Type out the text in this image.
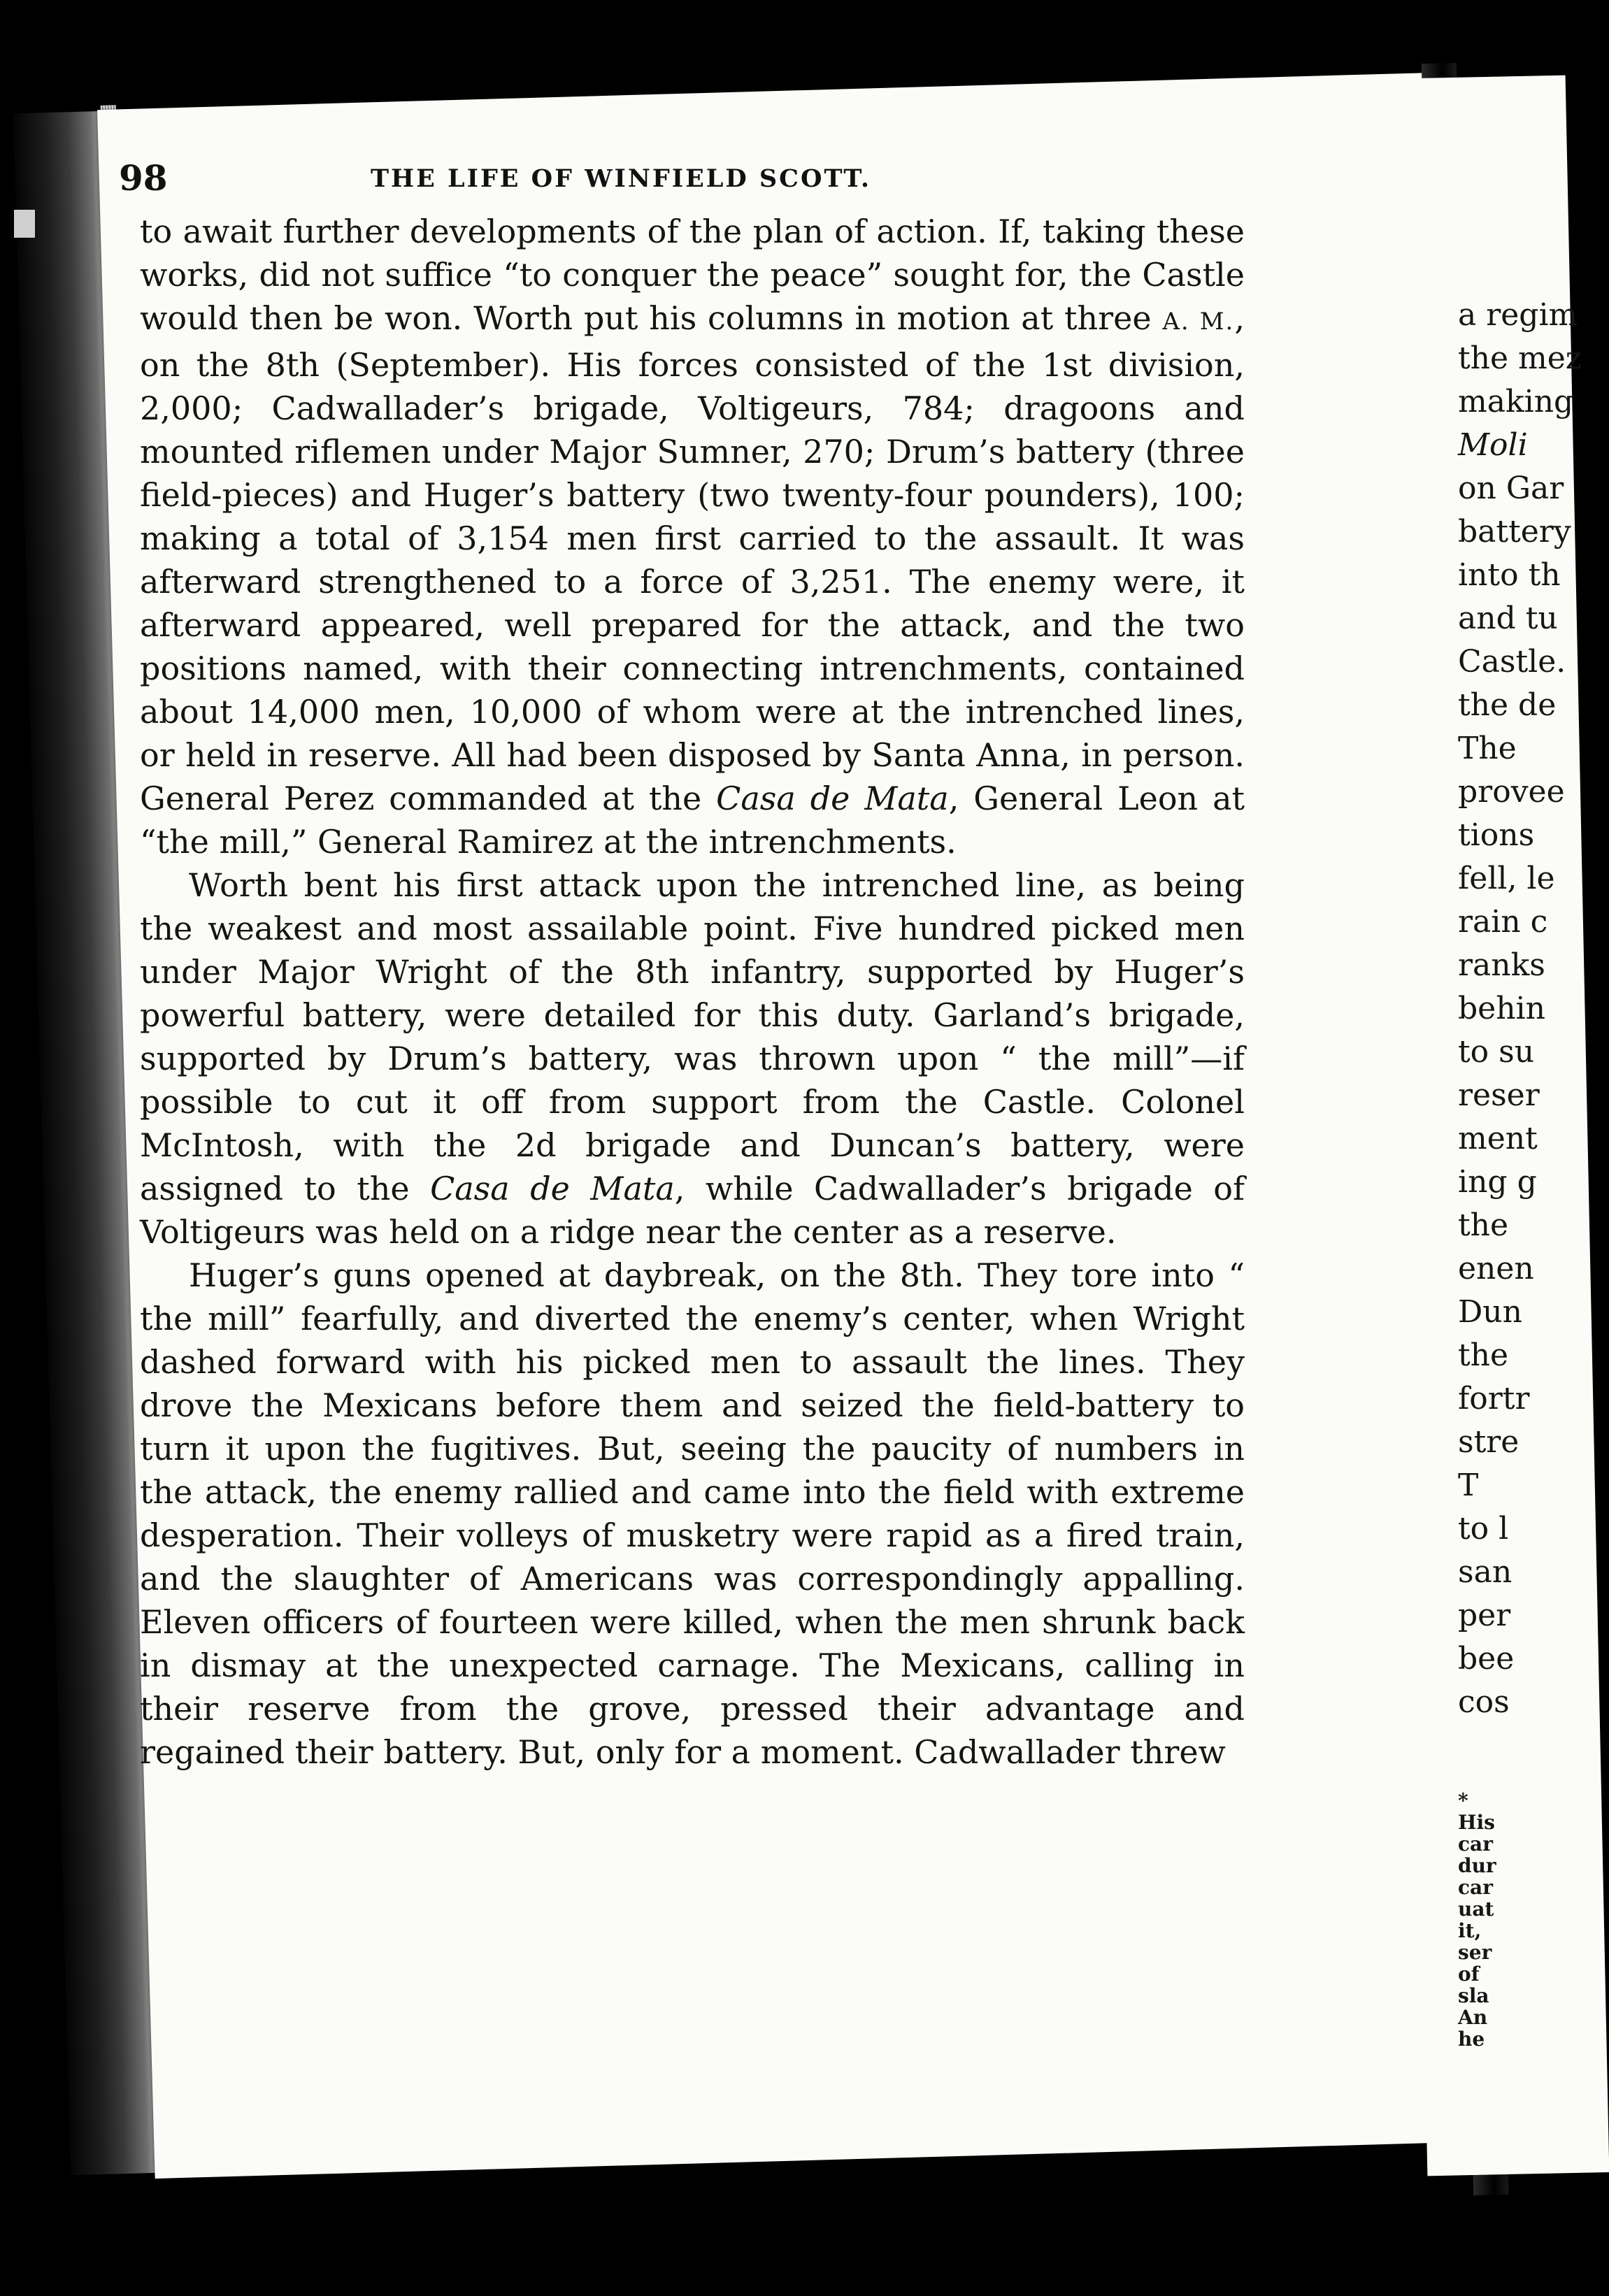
98	THE LIFE OF WINFIELD SCOTT.

to await further developments of the plan of action. If, taking these works, did not suffice “to conquer the peace” sought for, the Castle would then be won. Worth put his columns in motion at three A. M., on the 8th (September). His forces consisted of the 1st division, 2,000; Cadwallader’s brigade, Voltigeurs, 784; dragoons and mounted riflemen under Major Sumner, 270; Drum’s battery (three field-pieces) and Huger’s battery (two twenty-four pounders), 100; making a total of 3,154 men first carried to the assault. It was afterward strengthened to a force of 3,251. The enemy were, it afterward appeared, well prepared for the attack, and the two positions named, with their connecting intrenchments, contained about 14,000 men, 10,000 of whom were at the intrenched lines, or held in reserve. All had been disposed by Santa Anna, in person. General Perez commanded at the Casa de Mata, General Leon at “the mill,” General Ramirez at the intrenchments.

Worth bent his first attack upon the intrenched line, as being the weakest and most assailable point. Five hundred picked men under Major Wright of the 8th infantry, supported by Huger’s powerful battery, were detailed for this duty. Garland’s brigade, supported by Drum’s battery, was thrown upon “ the mill”—if possible to cut it off from support from the Castle. Colonel McIntosh, with the 2d brigade and Duncan’s battery, were assigned to the Casa de Mata, while Cadwallader’s brigade of Voltigeurs was held on a ridge near the center as a reserve.

Huger’s guns opened at daybreak, on the 8th. They tore into “ the mill” fearfully, and diverted the enemy’s center, when Wright dashed forward with his picked men to assault the lines. They drove the Mexicans before them and seized the field-battery to turn it upon the fugitives. But, seeing the paucity of numbers in the attack, the enemy rallied and came into the field with extreme desperation. Their volleys of musketry were rapid as a fired train, and the slaughter of Americans was correspondingly appalling. Eleven officers of fourteen were killed, when the men shrunk back in dismay at the unexpected carnage. The Mexicans, calling in their reserve from the grove, pressed their advantage and regained their battery. But, only for a moment. Cadwallader threw

a regim
the mez
making
Moli
on Gar
battery
into th
and tu
Castle.
the de
The
provee
tions
fell, le
rain c
ranks
behin
to su
reser
ment
ing g
the
enen
Dun
the
fortr
stre
T
to l
san
per
bee
cos
*
His
car
dur
car
uat
it,
ser
of
sla
An
he
